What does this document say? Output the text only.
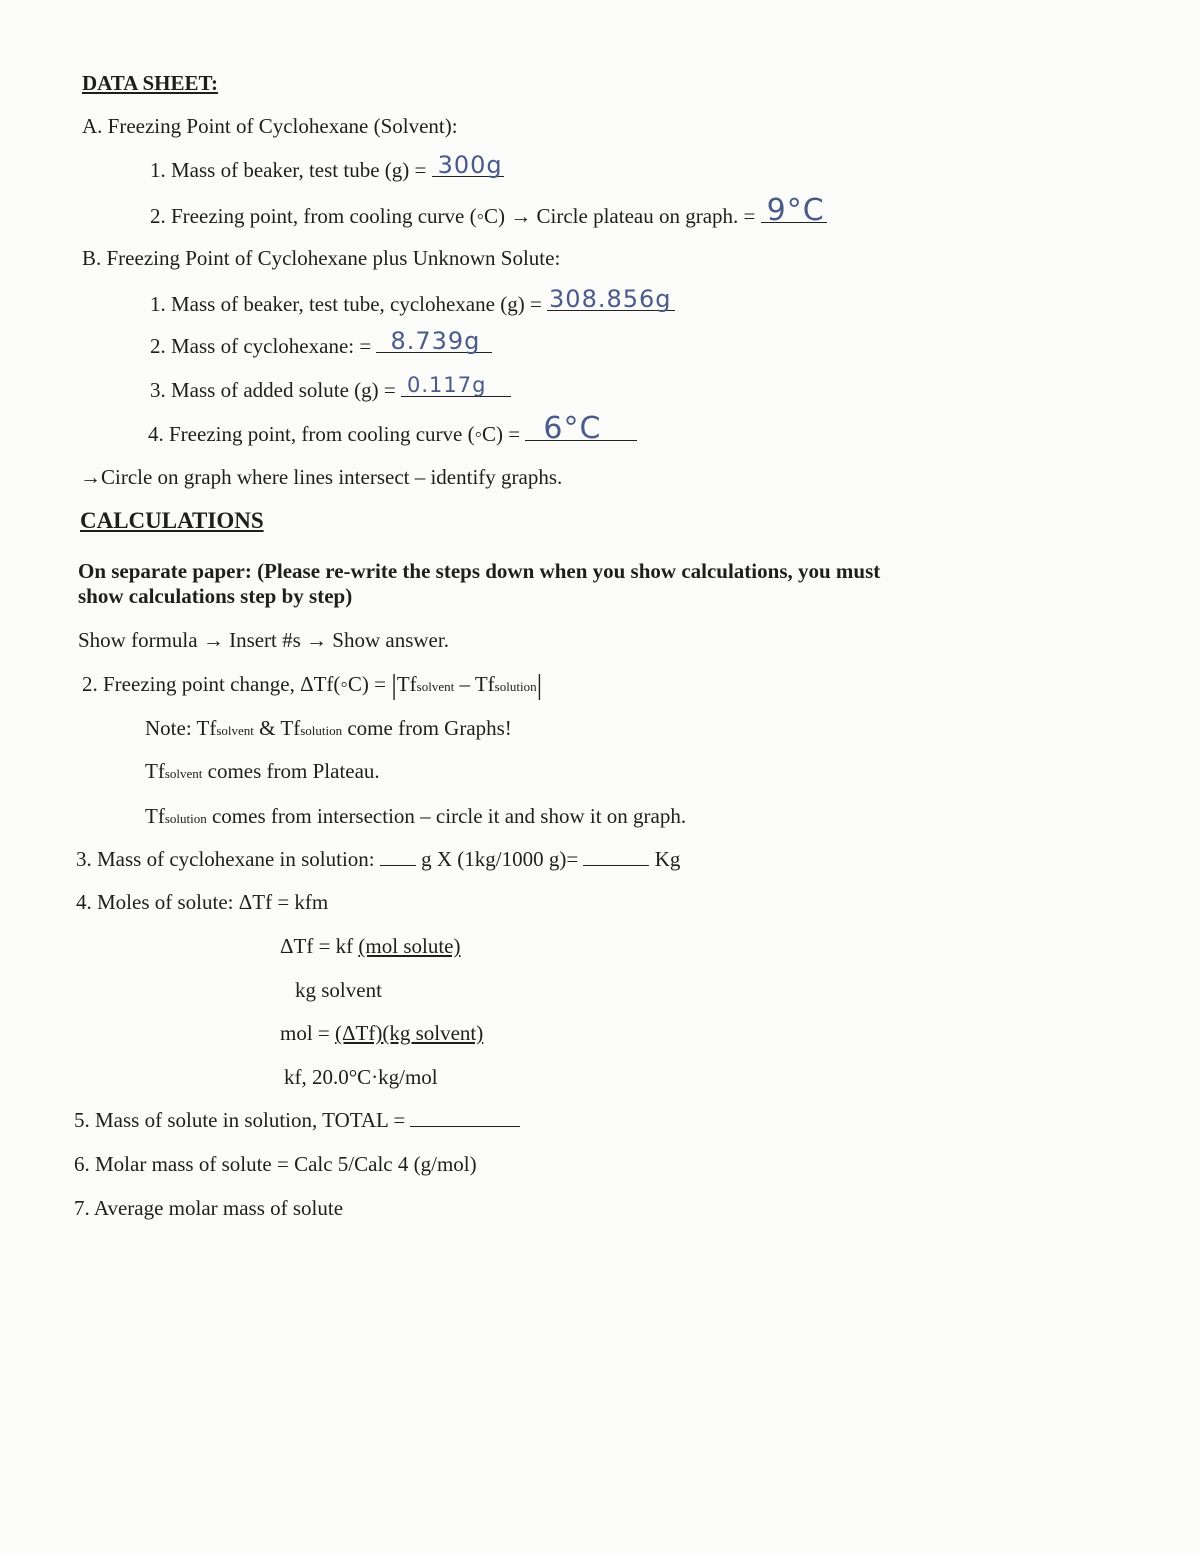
DATA SHEET:
A. Freezing Point of Cyclohexane (Solvent):
1. Mass of beaker, test tube (g) = 300g
2. Freezing point, from cooling curve (◦C) → Circle plateau on graph. = 9°C
B. Freezing Point of Cyclohexane plus Unknown Solute:
1. Mass of beaker, test tube, cyclohexane (g) = 308.856g
2. Mass of cyclohexane: = 8.739g
3. Mass of added solute (g) = 0.117g
4. Freezing point, from cooling curve (◦C) = 6°C
→Circle on graph where lines intersect – identify graphs.
CALCULATIONS
On separate paper: (Please re-write the steps down when you show calculations, you must
show calculations step by step)
Show formula → Insert #s → Show answer.
2. Freezing point change, ΔTf(◦C) = |Tfsolvent – Tfsolution|
Note: Tfsolvent & Tfsolution come from Graphs!
Tfsolvent comes from Plateau.
Tfsolution comes from intersection – circle it and show it on graph.
3. Mass of cyclohexane in solution: g X (1kg/1000 g)=	Kg
4. Moles of solute: ΔTf = kfm
ΔTf = kf (mol solute)
kg solvent
mol = (ΔTf)(kg solvent)
kf, 20.0°C·kg/mol
5. Mass of solute in solution, TOTAL =
6. Molar mass of solute = Calc 5/Calc 4 (g/mol)
7. Average molar mass of solute
